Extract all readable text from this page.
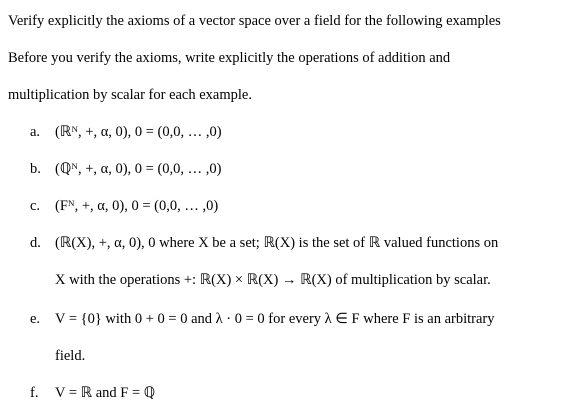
Verify explicitly the axioms of a vector space over a field for the following examples
Before you verify the axioms, write explicitly the operations of addition and
multiplication by scalar for each example.
a. (ℝᴺ, +, α, 0), 0 = (0,0, … ,0)
b. (ℚᴺ, +, α, 0), 0 = (0,0, … ,0)
c. (Fᴺ, +, α, 0), 0 = (0,0, … ,0)
d. (ℝ(X), +, α, 0), 0 where X be a set; ℝ(X) is the set of ℝ valued functions on
X with the operations +: ℝ(X) × ℝ(X) → ℝ(X) of multiplication by scalar.
e. V = {0} with 0 + 0 = 0 and λ · 0 = 0 for every λ ∈ F where F is an arbitrary
field.
f. V = ℝ and F = ℚ
